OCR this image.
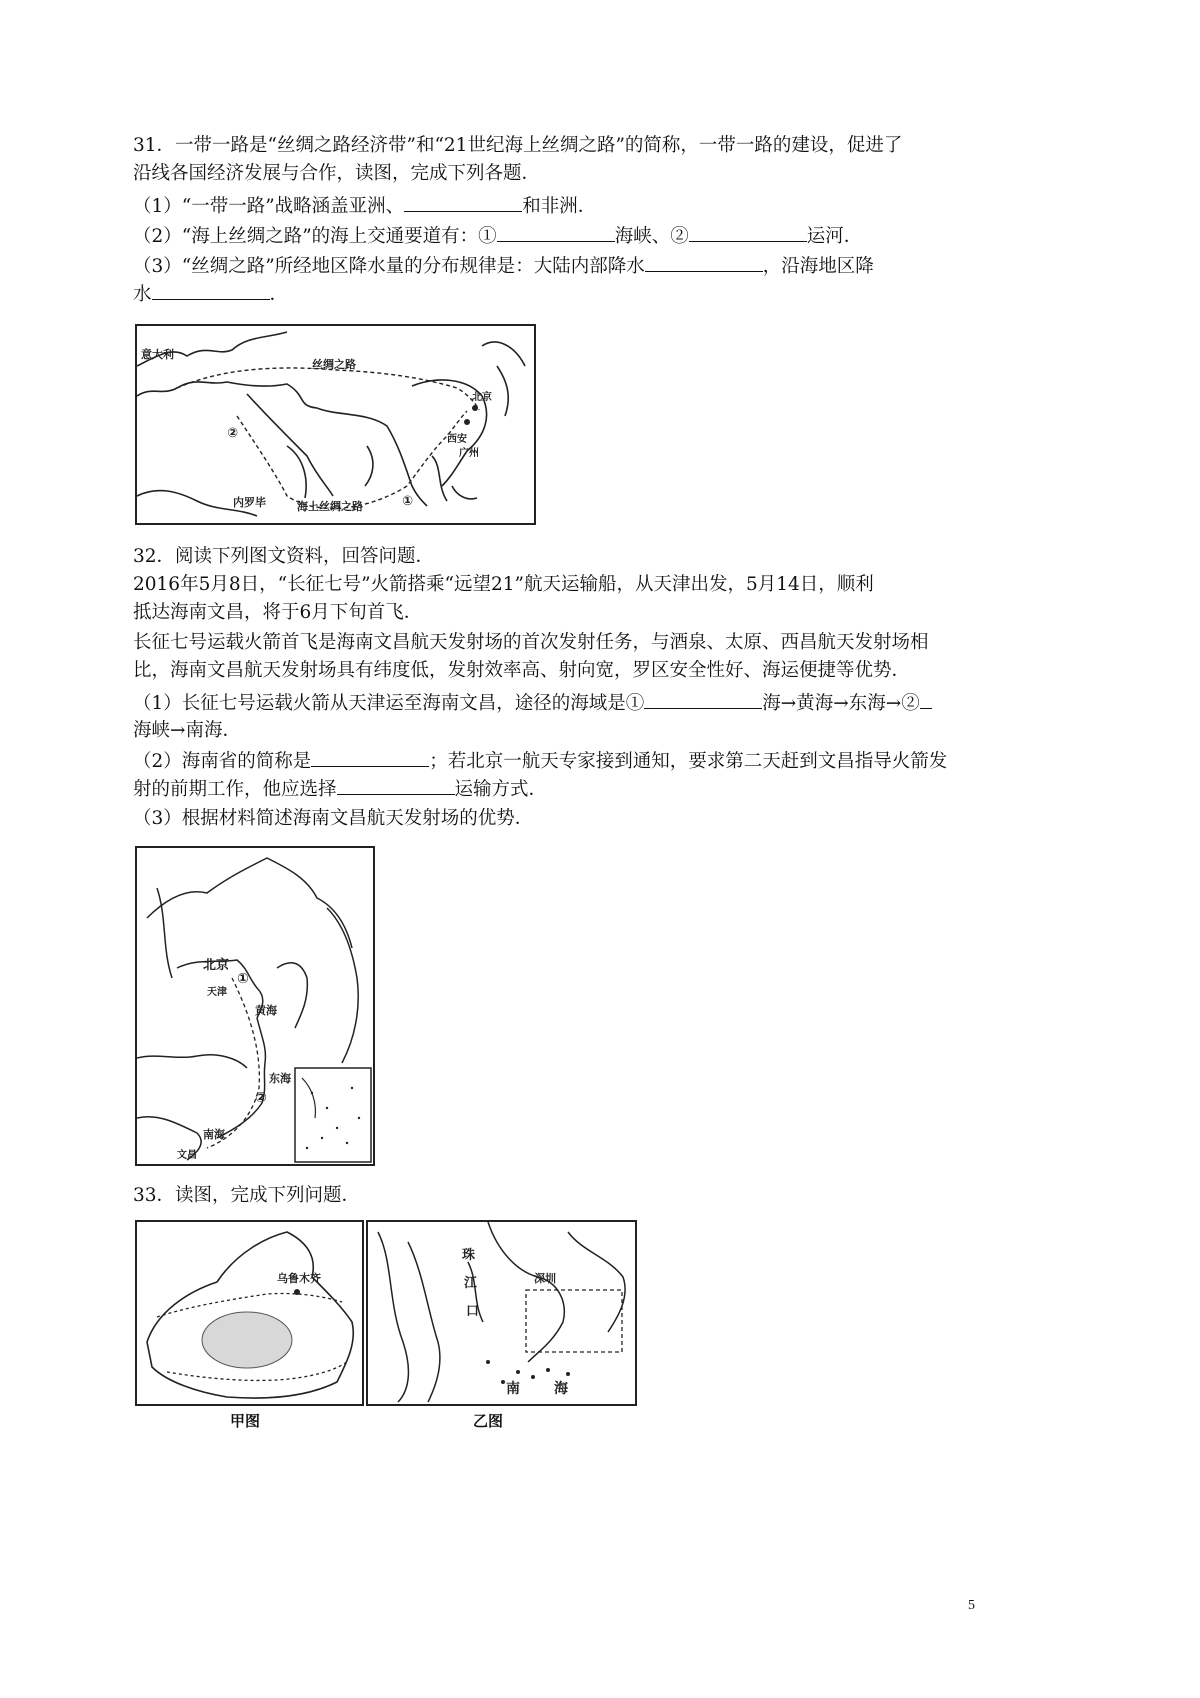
31．一带一路是“丝绸之路经济带”和“21世纪海上丝绸之路”的简称，一带一路的建设，促进了
沿线各国经济发展与合作，读图，完成下列各题．
（1）“一带一路”战略涵盖亚洲、	和非洲．
（2）“海上丝绸之路”的海上交通要道有：①	海峡、②	运河．
（3）“丝绸之路”所经地区降水量的分布规律是：大陆内部降水	，沿海地区降
水	．
意大利
丝绸之路
北京
西安
广州
内罗毕	海上丝绸之路	①
②
32．阅读下列图文资料，回答问题．
2016年5月8日，“长征七号”火箭搭乘“远望21”航天运输船，从天津出发，5月14日，顺利
抵达海南文昌，将于6月下旬首飞．
长征七号运载火箭首飞是海南文昌航天发射场的首次发射任务，与酒泉、太原、西昌航天发射场相
比，海南文昌航天发射场具有纬度低，发射效率高、射向宽，罗区安全性好、海运便捷等优势．
（1）长征七号运载火箭从天津运至海南文昌，途径的海域是①	海→黄海→东海→②
海峡→南海．
（2）海南省的简称是	；若北京一航天专家接到通知，要求第二天赶到文昌指导火箭发
射的前期工作，他应选择	运输方式．
（3）根据材料简述海南文昌航天发射场的优势．
北京
天津
①
黄海
东海
②
南海
文昌
33．读图，完成下列问题．
乌鲁木齐
甲图
珠
江
口
深圳
南 海
乙图
5
